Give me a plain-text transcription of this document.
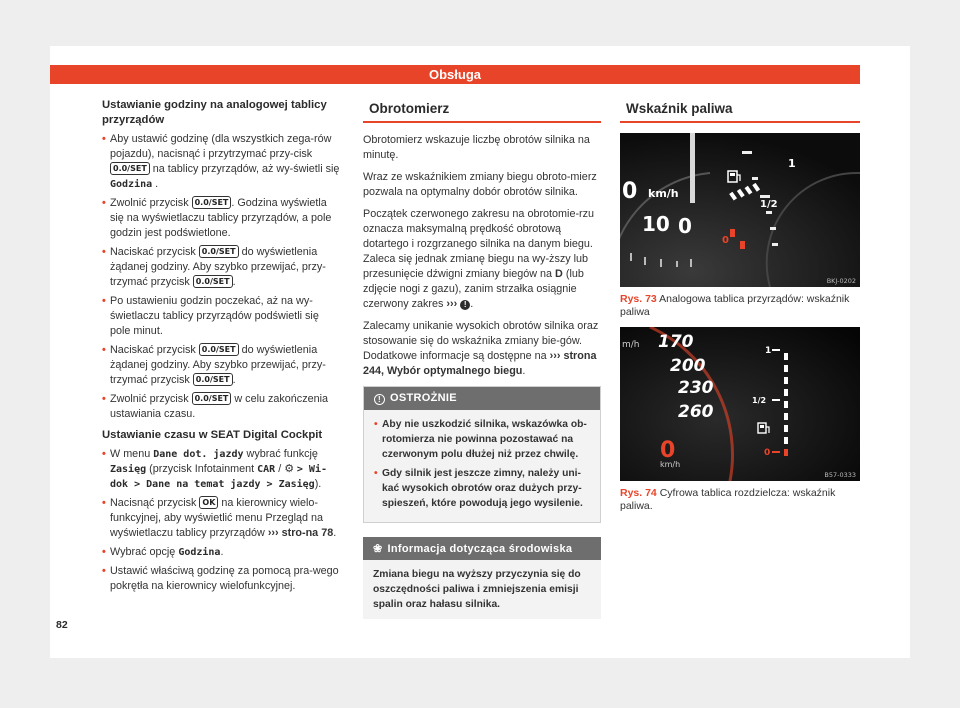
Obsługa
Ustawianie godziny na analogowej tablicy przyrządów
• Aby ustawić godzinę (dla wszystkich zega-rów pojazdu), nacisnąć i przytrzymać przy-cisk 0.0/SET na tablicy przyrządów, aż wy-świetli się Godzina .
• Zwolnić przycisk 0.0/SET . Godzina wyświetla się na wyświetlaczu tablicy przyrządów, a pole godzin jest podświetlone.
• Naciskać przycisk 0.0/SET do wyświetlenia żądanej godziny. Aby szybko przewijać, przy-trzymać przycisk 0.0/SET .
• Po ustawieniu godzin poczekać, aż na wy-świetlaczu tablicy przyrządów podświetli się pole minut.
• Naciskać przycisk 0.0/SET do wyświetlenia żądanej godziny. Aby szybko przewijać, przy-trzymać przycisk 0.0/SET .
• Zwolnić przycisk 0.0/SET w celu zakończenia ustawiania czasu.
Ustawianie czasu w SEAT Digital Cockpit
• W menu Dane dot. jazdy wybrać funkcję Zasięg (przycisk Infotainment CAR / ⚙ > Wi-dok > Dane na temat jazdy > Zasięg).
• Nacisnąć przycisk OK na kierownicy wielo-funkcyjnej, aby wyświetlić menu Przegląd na wyświetlaczu tablicy przyrządów ››› stro-na 78.
• Wybrać opcję Godzina.
• Ustawić właściwą godzinę za pomocą pra-wego pokrętła na kierownicy wielofunkcyjnej.
Obrotomierz

Obrotomierz wskazuje liczbę obrotów silnika na minutę.

Wraz ze wskaźnikiem zmiany biegu obroto-mierz pozwala na optymalny dobór obrotów silnika.

Początek czerwonego zakresu na obrotomie-rzu oznacza maksymalną prędkość obrotową dotartego i rozgrzanego silnika na danym biegu. Zaleca się jednak zmianę biegu na wy-ższy lub przesunięcie dźwigni zmiany biegów na D (lub zdjęcie nogi z gazu), zanim strzałka osiągnie czerwony zakres ››› ! .

Zalecamy unikanie wysokich obrotów silnika oraz stosowanie się do wskaźnika zmiany bie-gów. Dodatkowe informacje są dostępne na ››› strona 244, Wybór optymalnego biegu.

! OSTROŻNIE
• Aby nie uszkodzić silnika, wskazówka ob-rotomierza nie powinna pozostawać na czerwonym polu dłużej niż przez chwilę.
• Gdy silnik jest jeszcze zimny, należy uni-kać wysokich obrotów oraz dużych przy-spieszeń, które powodują jego wysilenie.
❀ Informacja dotycząca środowiska

Zmiana biegu na wyższy przyczynia się do oszczędności paliwa i zmniejszenia emisji spalin oraz hałasu silnika.

Wskaźnik paliwa
1
1/2
0
0 km/h
10 0
BKJ-0202
Rys. 73 Analogowa tablica przyrządów: wskaźnik paliwa
m/h 170
200
230
260
0
km/h
1
1/2
0
B57-0333
Rys. 74 Cyfrowa tablica rozdzielcza: wskaźnik paliwa.
82
